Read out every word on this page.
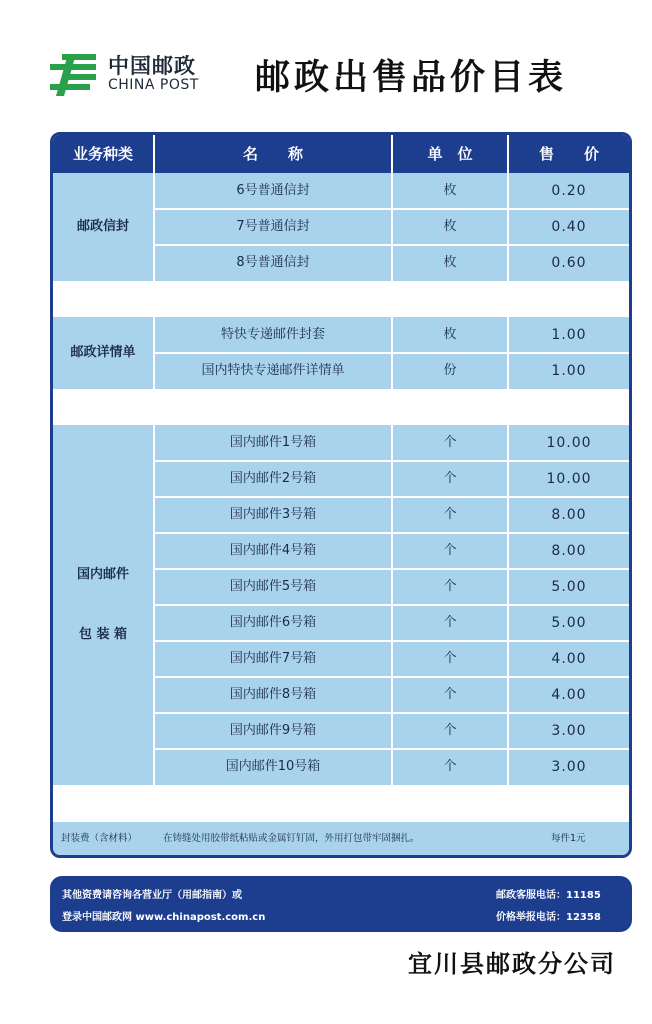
中国邮政
CHINA POST 邮政出售品价目表
业务种类	名　　称	单　位	售　　价
邮政信封
6号普通信封	枚	0.20
7号普通信封	枚	0.40
8号普通信封	枚	0.60
邮政详情单
特快专递邮件封套	枚	1.00
国内特快专递邮件详情单	份	1.00
国内邮件

包 装 箱
国内邮件1号箱	个	10.00
国内邮件2号箱	个	10.00
国内邮件3号箱	个	8.00
国内邮件4号箱	个	8.00
国内邮件5号箱	个	5.00
国内邮件6号箱	个	5.00
国内邮件7号箱	个	4.00
国内邮件8号箱	个	4.00
国内邮件9号箱	个	3.00
国内邮件10号箱	个	3.00
封装费（含材料）	在铸缝处用胶带纸粘贴或金属钉钉固，外用打包带牢固捆扎。	每件1元
其他资费请咨询各营业厅（用邮指南）或
登录中国邮政网 www.chinapost.com.cn
邮政客服电话：11185
价格举报电话：12358
宜川县邮政分公司
